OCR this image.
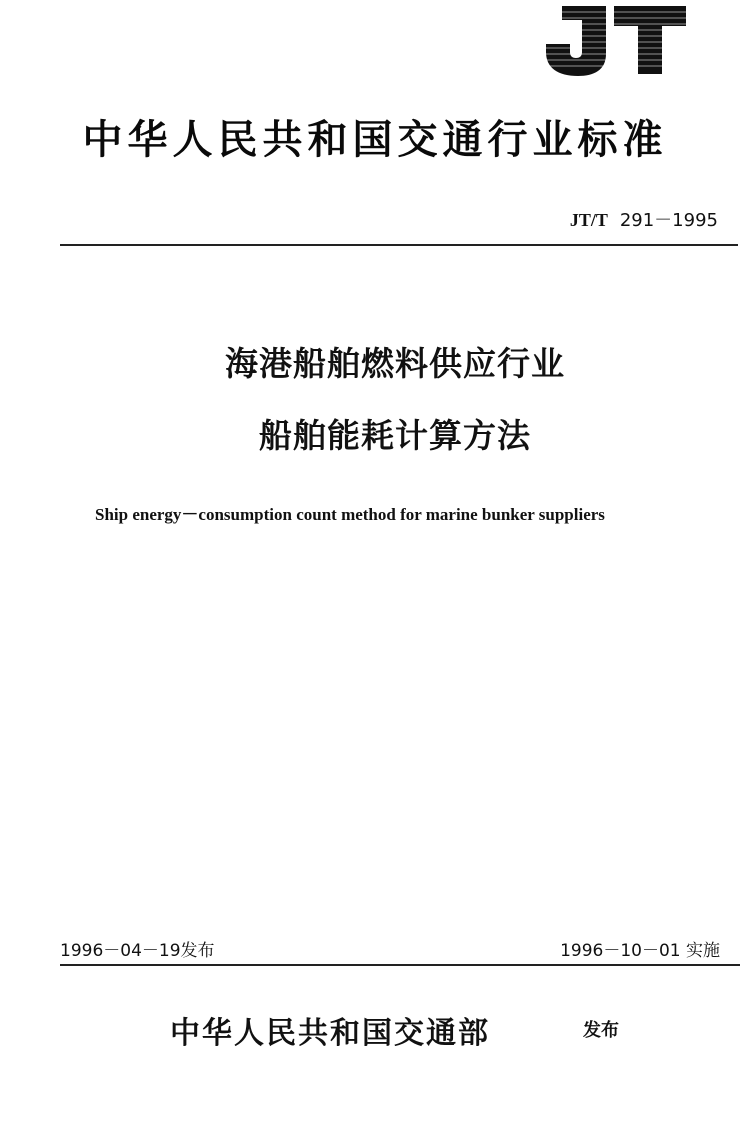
中华人民共和国交通行业标准
JT/T 291－1995
海港船舶燃料供应行业
船舶能耗计算方法
Ship energy－consumption count method for marine bunker suppliers
1996－04－19发布	1996－10－01 实施
中华人民共和国交通部	发布
